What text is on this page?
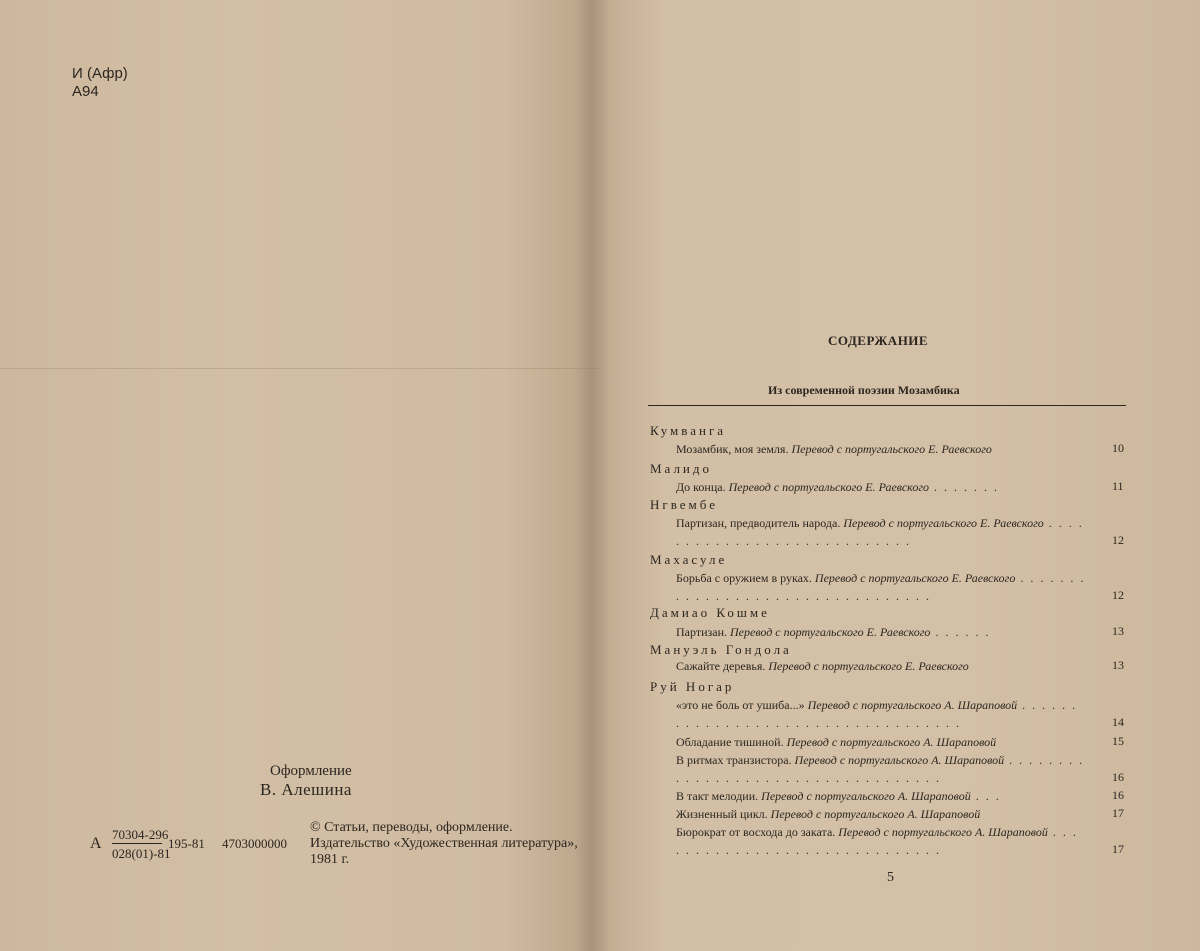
И (Афр)
А94
Оформление
В. Алешина
А
70304-296
028(01)-81
195-81 4703000000
© Статьи, переводы, оформление. Издательство «Художественная литература», 1981 г.
СОДЕРЖАНИЕ
Из современной поэзии Мозамбика
Кумванга
Мозамбик, моя земля. Перевод с португальского Е. Раевского	10
Малидо
До конца. Перевод с португальского Е. Раевского . . . . . . .	11
Нгвембе
Партизан, предводитель народа. Перевод с португальского Е. Раевского . . . . . . . . . . . . . . . . . . . . . . . . . . . .	12
Махасуле
Борьба с оружием в руках. Перевод с португальского Е. Раевского . . . . . . . . . . . . . . . . . . . . . . . . . . . . . . . . .	12
Дамиао Кошме
Партизан. Перевод с португальского Е. Раевского . . . . . .	13
Мануэль Гондола
Сажайте деревья. Перевод с португальского Е. Раевского	13
Руй Ногар
«это не боль от ушиба...» Перевод с португальского А. Шараповой . . . . . . . . . . . . . . . . . . . . . . . . . . . . . . . . . . .	14
Обладание тишиной. Перевод с португальского А. Шараповой	15
В ритмах транзистора. Перевод с португальского А. Шараповой . . . . . . . . . . . . . . . . . . . . . . . . . . . . . . . . . . .	16
В такт мелодии. Перевод с португальского А. Шараповой . . .	16
Жизненный цикл. Перевод с португальского А. Шараповой	17
Бюрократ от восхода до заката. Перевод с португальского А. Шараповой . . . . . . . . . . . . . . . . . . . . . . . . . . . . . .	17
5
